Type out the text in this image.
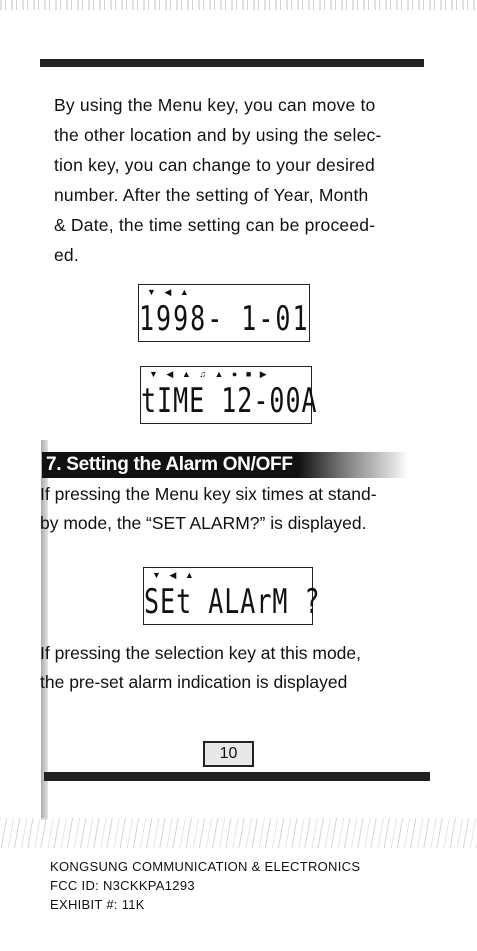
By using the Menu key, you can move to
the other location and by using the selec-
tion key, you can change to your desired
number. After the setting of Year, Month
& Date, the time setting can be proceed-
ed.

▼ ◀ ▲
1998- 1-01
▼ ◀ ▲ ♫ ▲ ● ■ ▶
tIME 12-00A
7. Setting the Alarm ON/OFF

If pressing the Menu key six times at stand-
by mode, the “SET ALARM?” is displayed.

▼ ◀ ▲
SEt ALArM ?

If pressing the selection key at this mode,
the pre-set alarm indication is displayed

10

KONGSUNG COMMUNICATION & ELECTRONICS
FCC ID: N3CKKPA1293
EXHIBIT #: 11K
